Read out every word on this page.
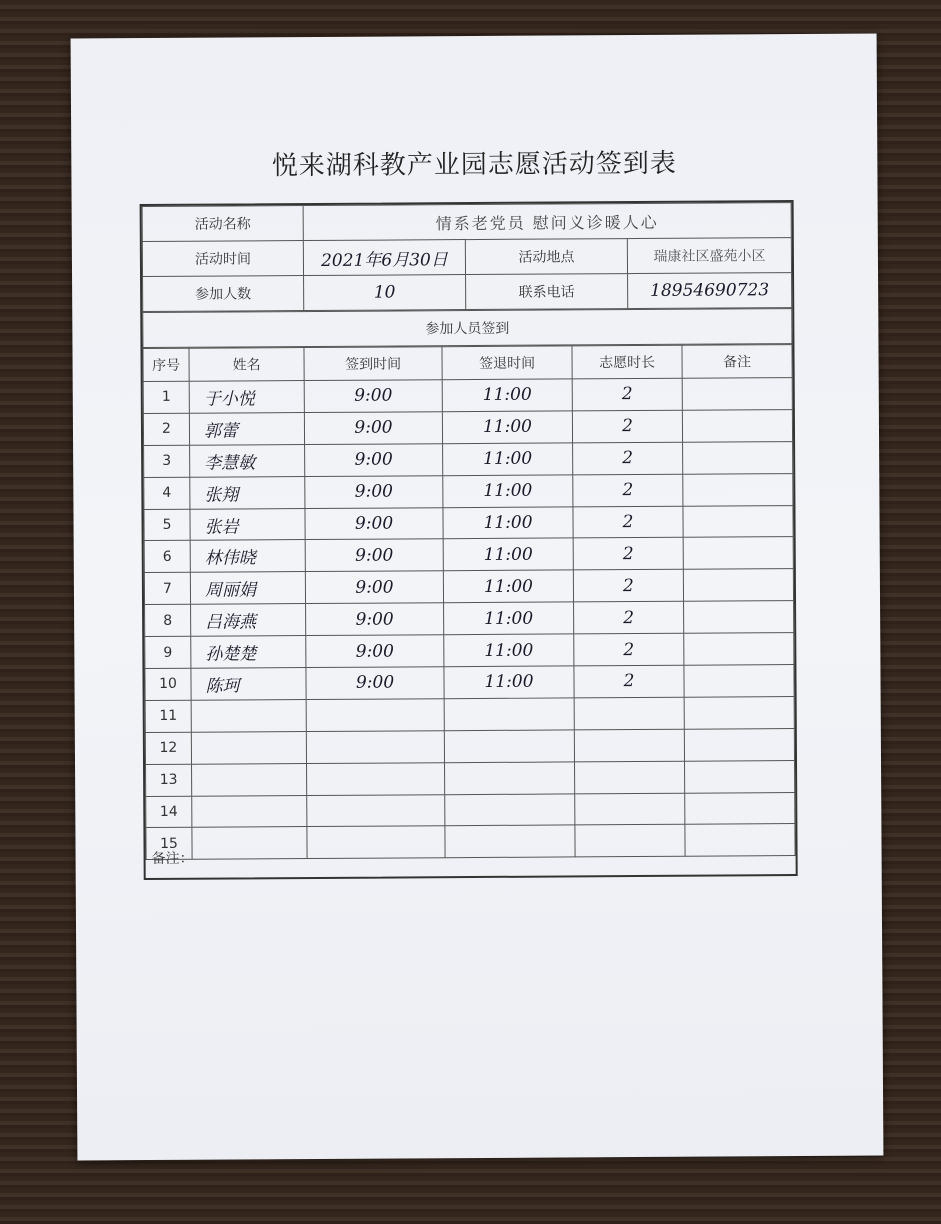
悦来湖科教产业园志愿活动签到表
活动名称	情系老党员 慰问义诊暖人心		
活动时间	2021年6月30日	活动地点	瑞康社区盛苑小区
参加人数	10	联系电话	18954690723
参加人员签到
序号	姓名	签到时间	签退时间	志愿时长	备注
1	于小悦	9:00	11:00	2	
2	郭蕾	9:00	11:00	2	
3	李慧敏	9:00	11:00	2	
4	张翔	9:00	11:00	2	
5	张岩	9:00	11:00	2	
6	林伟晓	9:00	11:00	2	
7	周丽娟	9:00	11:00	2	
8	吕海燕	9:00	11:00	2	
9	孙楚楚	9:00	11:00	2	
10	陈珂	9:00	11:00	2	
11					
12					
13					
14					
15					
备注：
